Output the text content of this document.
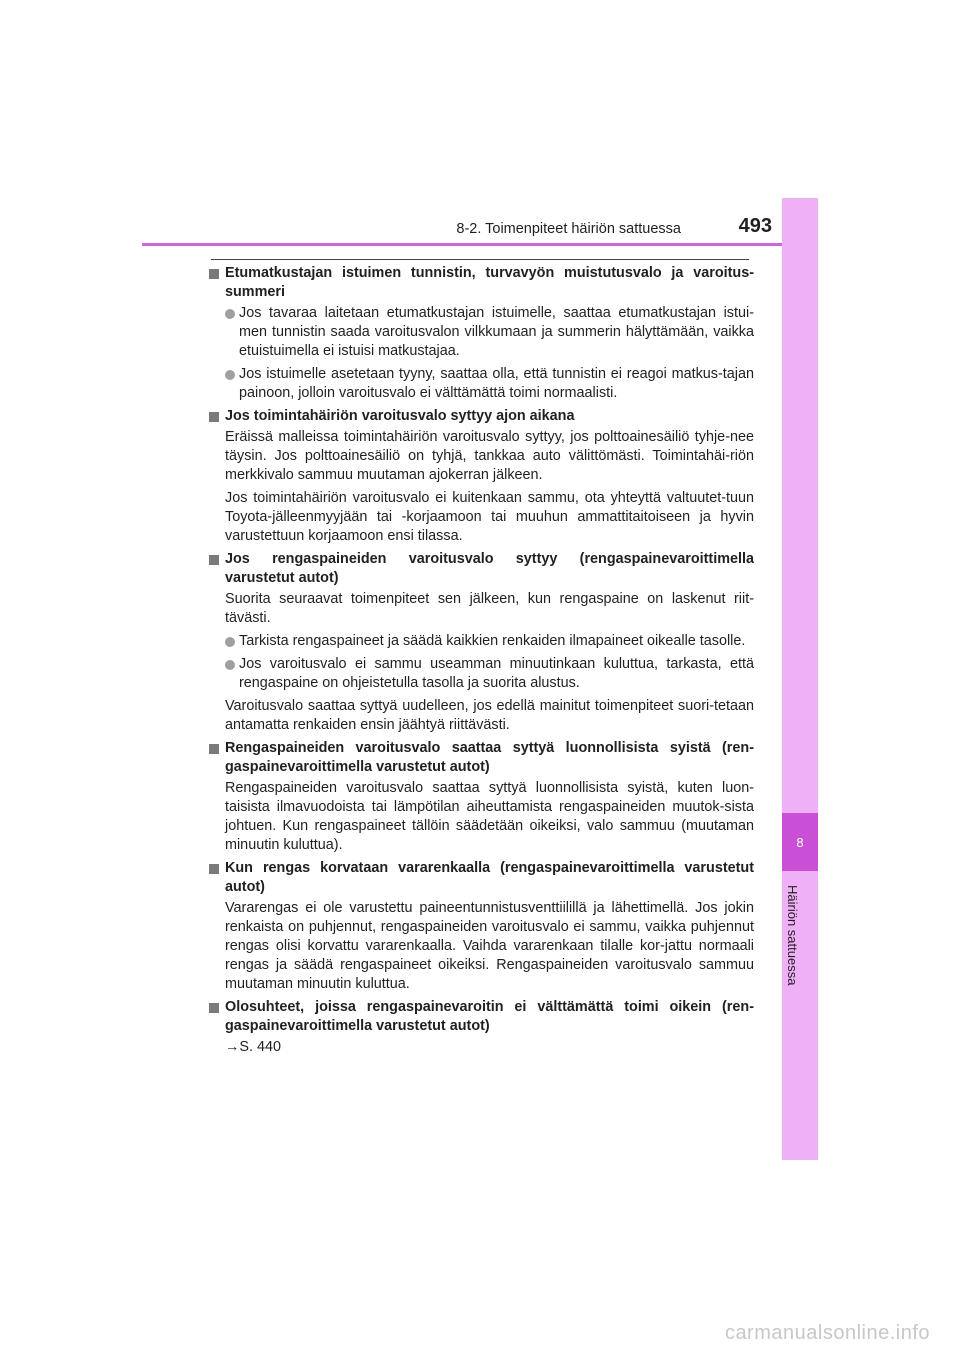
8-2. Toimenpiteet häiriön sattuessa	493
8
Häiriön sattuessa
Etumatkustajan istuimen tunnistin, turvavyön muistutusvalo ja varoitus-summeri
Jos tavaraa laitetaan etumatkustajan istuimelle, saattaa etumatkustajan istui-men tunnistin saada varoitusvalon vilkkumaan ja summerin hälyttämään, vaikka etuistuimella ei istuisi matkustajaa.
Jos istuimelle asetetaan tyyny, saattaa olla, että tunnistin ei reagoi matkus-tajan painoon, jolloin varoitusvalo ei välttämättä toimi normaalisti.
Jos toimintahäiriön varoitusvalo syttyy ajon aikana
Eräissä malleissa toimintahäiriön varoitusvalo syttyy, jos polttoainesäiliö tyhje-nee täysin. Jos polttoainesäiliö on tyhjä, tankkaa auto välittömästi. Toimintahäi-riön merkkivalo sammuu muutaman ajokerran jälkeen.
Jos toimintahäiriön varoitusvalo ei kuitenkaan sammu, ota yhteyttä valtuutet-tuun Toyota-jälleenmyyjään tai -korjaamoon tai muuhun ammattitaitoiseen ja hyvin varustettuun korjaamoon ensi tilassa.
Jos rengaspaineiden varoitusvalo syttyy (rengaspainevaroittimella varustetut autot)
Suorita seuraavat toimenpiteet sen jälkeen, kun rengaspaine on laskenut riit-tävästi.
Tarkista rengaspaineet ja säädä kaikkien renkaiden ilmapaineet oikealle tasolle.
Jos varoitusvalo ei sammu useamman minuutinkaan kuluttua, tarkasta, että rengaspaine on ohjeistetulla tasolla ja suorita alustus.
Varoitusvalo saattaa syttyä uudelleen, jos edellä mainitut toimenpiteet suori-tetaan antamatta renkaiden ensin jäähtyä riittävästi.
Rengaspaineiden varoitusvalo saattaa syttyä luonnollisista syistä (ren-gaspainevaroittimella varustetut autot)
Rengaspaineiden varoitusvalo saattaa syttyä luonnollisista syistä, kuten luon-taisista ilmavuodoista tai lämpötilan aiheuttamista rengaspaineiden muutok-sista johtuen. Kun rengaspaineet tällöin säädetään oikeiksi, valo sammuu (muutaman minuutin kuluttua).
Kun rengas korvataan vararenkaalla (rengaspainevaroittimella varustetut autot)
Vararengas ei ole varustettu paineentunnistusventtiilillä ja lähettimellä. Jos jokin renkaista on puhjennut, rengaspaineiden varoitusvalo ei sammu, vaikka puhjennut rengas olisi korvattu vararenkaalla. Vaihda vararenkaan tilalle kor-jattu normaali rengas ja säädä rengaspaineet oikeiksi. Rengaspaineiden varoitusvalo sammuu muutaman minuutin kuluttua.
Olosuhteet, joissa rengaspainevaroitin ei välttämättä toimi oikein (ren-gaspainevaroittimella varustetut autot)
→S. 440
carmanualsonline.info
